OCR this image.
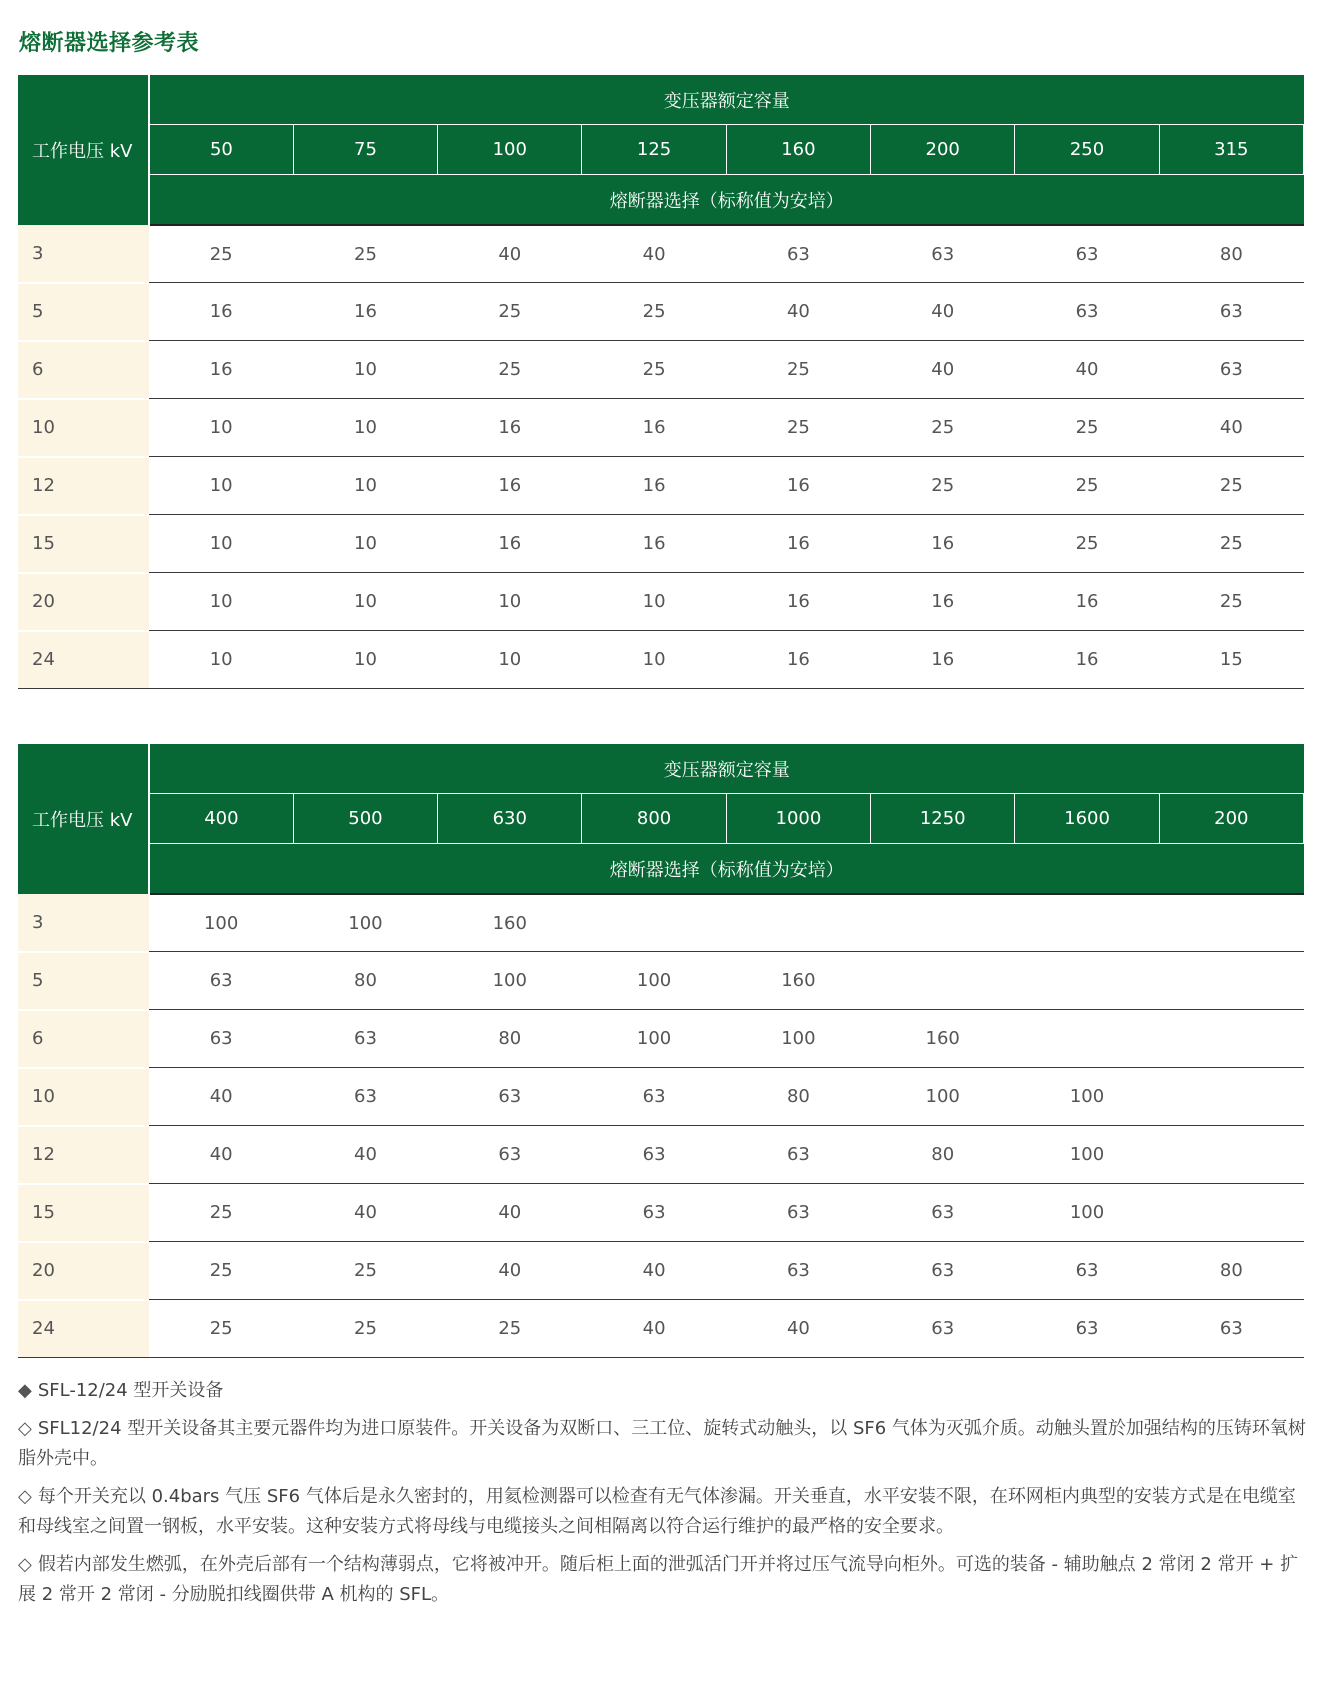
熔断器选择参考表
工作电压 kV	变压器额定容量							
	50	75	100	125	160	200	250	315
	熔断器选择（标称值为安培）							
3	25	25	40	40	63	63	63	80
5	16	16	25	25	40	40	63	63
6	16	10	25	25	25	40	40	63
10	10	10	16	16	25	25	25	40
12	10	10	16	16	16	25	25	25
15	10	10	16	16	16	16	25	25
20	10	10	10	10	16	16	16	25
24	10	10	10	10	16	16	16	15
工作电压 kV	变压器额定容量							
	400	500	630	800	1000	1250	1600	200
	熔断器选择（标称值为安培）							
3	100	100	160					
5	63	80	100	100	160			
6	63	63	80	100	100	160		
10	40	63	63	63	80	100	100	
12	40	40	63	63	63	80	100	
15	25	40	40	63	63	63	100	
20	25	25	40	40	63	63	63	80
24	25	25	25	40	40	63	63	63

◆ SFL-12/24 型开关设备

◇ SFL12/24 型开关设备其主要元器件均为进口原装件。开关设备为双断口、三工位、旋转式动触头，以 SF6 气体为灭弧介质。动触头置於加强结构的压铸环氧树脂外壳中。

◇ 每个开关充以 0.4bars 气压 SF6 气体后是永久密封的，用氦检测器可以检查有无气体渗漏。开关垂直，水平安装不限，在环网柜内典型的安装方式是在电缆室和母线室之间置一钢板，水平安装。这种安装方式将母线与电缆接头之间相隔离以符合运行维护的最严格的安全要求。

◇ 假若内部发生燃弧，在外壳后部有一个结构薄弱点，它将被冲开。随后柜上面的泄弧活门开并将过压气流导向柜外。可选的装备 - 辅助触点 2 常闭 2 常开 + 扩展 2 常开 2 常闭 - 分励脱扣线圈供带 A 机构的 SFL。
